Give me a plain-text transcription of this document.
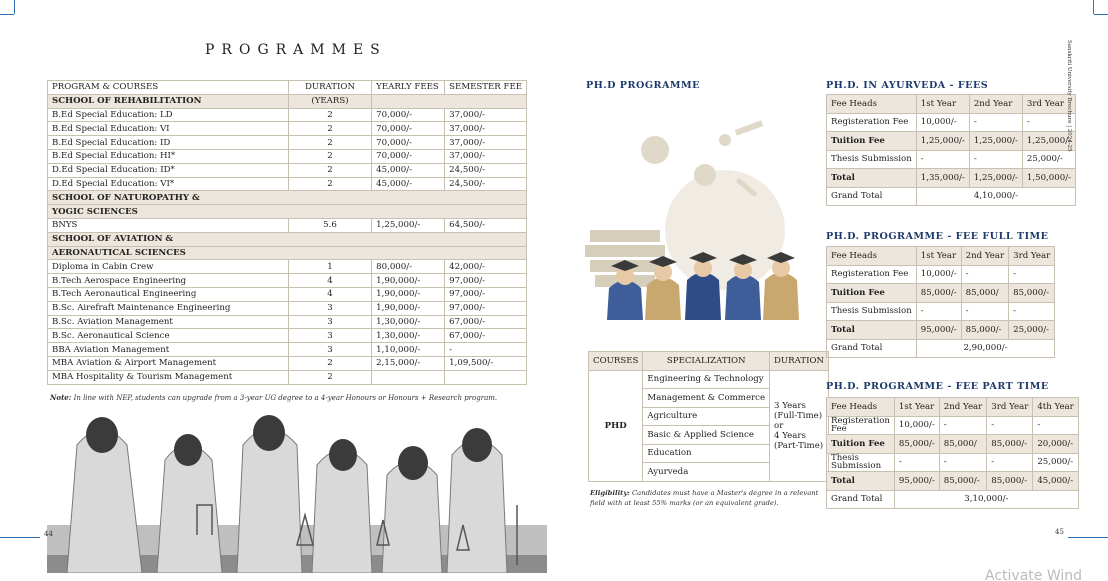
PROGRAMMES
PROGRAM & COURSES	DURATION	YEARLY FEES	SEMESTER FEE
SCHOOL OF REHABILITATION	(YEARS)		
B.Ed Special Education: LD	2	70,000/-	37,000/-
B.Ed Special Education: VI	2	70,000/-	37,000/-
B.Ed Special Education: ID	2	70,000/-	37,000/-
B.Ed Special Education: HI*	2	70,000/-	37,000/-
D.Ed Special Education: ID*	2	45,000/-	24,500/-
D.Ed Special Education: VI*	2	45,000/-	24,500/-
SCHOOL OF NATUROPATHY &			
YOGIC SCIENCES			
BNYS	5.6	1,25,000/-	64,500/-
SCHOOL OF AVIATION &			
AERONAUTICAL SCIENCES			
Diploma in Cabin Crew	1	80,000/-	42,000/-
B.Tech Aerospace Engineering	4	1,90,000/-	97,000/-
B.Tech Aeronautical Engineering	4	1,90,000/-	97,000/-
B.Sc. Airefraft Maintenance Engineering	3	1,90,000/-	97,000/-
B.Sc. Aviation Management	3	1,30,000/-	67,000/-
B.Sc. Aeronautical Science	3	1,30,000/-	67,000/-
BBA Aviation Management	3	1,10,000/-	-
MBA Aviation & Airport Management	2	2,15,000/-	1,09,500/-
MBA Hospitality & Tourism Management	2		
Note: In line with NEP, students can upgrade from a 3-year UG degree to a 4-year Honours or Honours + Research program.
44
PH.D PROGRAMME
COURSES	SPECIALIZATION	DURATION
PHD	Engineering & Technology	3 Years
(Full-Time)
or
4 Years
(Part-Time)

	Management & Commerce	
	Agriculture	
	Basic & Applied Science	
	Education	
	Ayurveda	
Eligibility: Candidates must have a Master's degree in a relevant field with at least 55% marks (or an equivalent grade).
PH.D. IN AYURVEDA - FEES
Fee Heads	1st Year	2nd Year	3rd Year
Registeration Fee	10,000/-	-	-
Tuition Fee	1,25,000/-	1,25,000/-	1,25,000/-
Thesis Submission	-	-	25,000/-
Total	1,35,000/-	1,25,000/-	1,50,000/-
Grand Total	4,10,000/-		
PH.D. PROGRAMME - FEE FULL TIME
Fee Heads	1st Year	2nd Year	3rd Year
Registeration Fee	10,000/-	-	-
Tuition Fee	85,000/-	85,000/	85,000/-
Thesis Submission	-	-	-
Total	95,000/-	85,000/-	25,000/-
Grand Total	2,90,000/-		
PH.D. PROGRAMME - FEE PART TIME
Fee Heads	1st Year	2nd Year	3rd Year	4th Year
Registeration Fee	10,000/-	-	-	-
Tuition Fee	85,000/-	85,000/	85,000/-	20,000/-
Thesis Submission	-	-	-	25,000/-
Total	95,000/-	85,000/-	85,000/-	45,000/-
Grand Total	3,10,000/-			
Sanskriti University Brochure | 2024-25
45
Activate Wind
